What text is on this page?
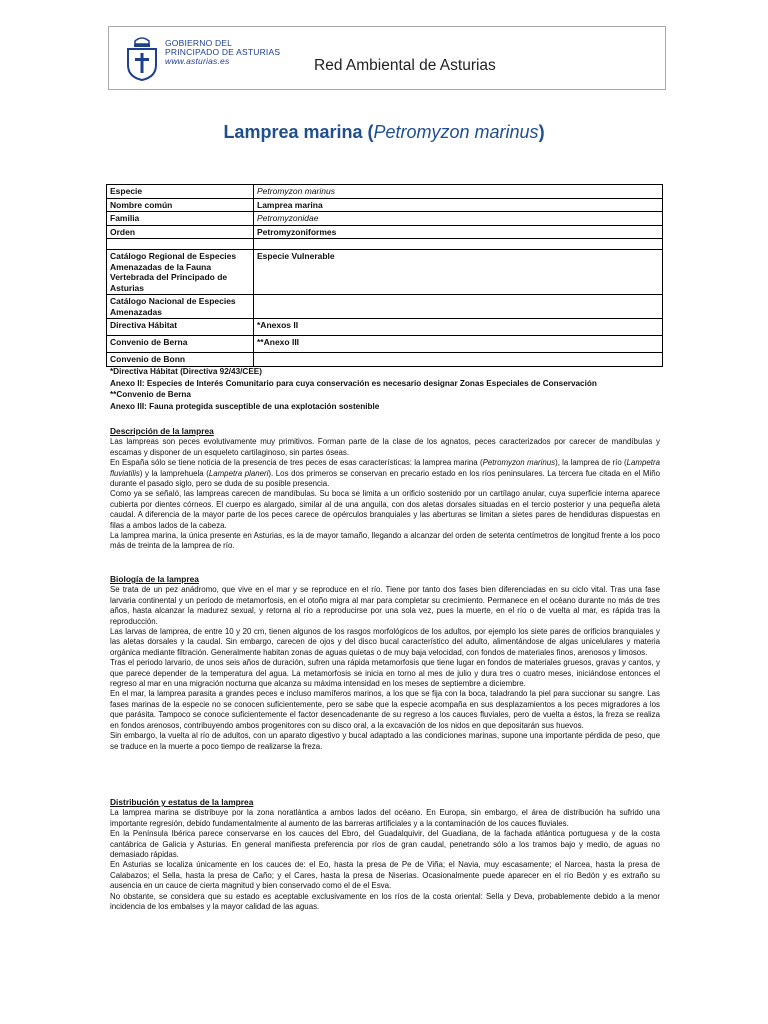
GOBIERNO DEL
PRINCIPADO DE ASTURIAS
www.asturias.es	Red Ambiental de Asturias
Lamprea marina (Petromyzon marinus)
Especie	Petromyzon marinus
Nombre común	Lamprea marina
Familia	Petromyzonidae
Orden	Petromyzoniformes

Catálogo Regional de Especies Amenazadas de la Fauna Vertebrada del Principado de Asturias	Especie Vulnerable
Catálogo Nacional de Especies Amenazadas	
Directiva Hábitat	*Anexos II
Convenio de Berna	**Anexo III
Convenio de Bonn	
*Directiva Hábitat (Directiva 92/43/CEE)
Anexo II: Especies de Interés Comunitario para cuya conservación es necesario designar Zonas Especiales de Conservación
**Convenio de Berna
Anexo III: Fauna protegida susceptible de una explotación sostenible
Descripción de la lamprea

Las lampreas son peces evolutivamente muy primitivos. Forman parte de la clase de los agnatos, peces caracterizados por carecer de mandíbulas y escamas y disponer de un esqueleto cartilaginoso, sin partes óseas.

En España sólo se tiene noticia de la presencia de tres peces de esas características: la lamprea marina (Petromyzon marinus), la lamprea de río (Lampetra fluviatilis) y la lamprehuela (Lampetra planeri). Los dos primeros se conservan en precario estado en los ríos peninsulares. La tercera fue citada en el Miño durante el pasado siglo, pero se duda de su posible presencia.

Como ya se señaló, las lampreas carecen de mandíbulas. Su boca se limita a un orificio sostenido por un cartílago anular, cuya superficie interna aparece cubierta por dientes córneos. El cuerpo es alargado, similar al de una anguila, con dos aletas dorsales situadas en el tercio posterior y una pequeña aleta caudal. A diferencia de la mayor parte de los peces carece de opérculos branquiales y las aberturas se limitan a sietes pares de hendiduras dispuestas en filas a ambos lados de la cabeza.

La lamprea marina, la única presente en Asturias, es la de mayor tamaño, llegando a alcanzar del orden de setenta centímetros de longitud frente a los poco más de treinta de la lamprea de río.

Biología de la lamprea

Se trata de un pez anádromo, que vive en el mar y se reproduce en el río. Tiene por tanto dos fases bien diferenciadas en su ciclo vital. Tras una fase larvaria continental y un periodo de metamorfosis, en el otoño migra al mar para completar su crecimiento. Permanece en el océano durante no más de tres años, hasta alcanzar la madurez sexual, y retorna al río a reproducirse por una sola vez, pues la muerte, en el río o de vuelta al mar, es rápida tras la reproducción.

Las larvas de lamprea, de entre 10 y 20 cm, tienen algunos de los rasgos morfológicos de los adultos, por ejemplo los siete pares de orificios branquiales y las aletas dorsales y la caudal. Sin embargo, carecen de ojos y del disco bucal característico del adulto, alimentándose de algas unicelulares y materia orgánica mediante filtración. Generalmente habitan zonas de aguas quietas o de muy baja velocidad, con fondos de materiales finos, arenosos y limosos.

Tras el periodo larvario, de unos seis años de duración, sufren una rápida metamorfosis que tiene lugar en fondos de materiales gruesos, gravas y cantos, y que parece depender de la temperatura del agua. La metamorfosis se inicia en torno al mes de julio y dura tres o cuatro meses, iniciándose entonces el regreso al mar en una migración nocturna que alcanza su máxima intensidad en los meses de septiembre a diciembre.

En el mar, la lamprea parasita a grandes peces e incluso mamíferos marinos, a los que se fija con la boca, taladrando la piel para succionar su sangre. Las fases marinas de la especie no se conocen suficientemente, pero se sabe que la especie acompaña en sus desplazamientos a los peces migradores a los que parásita. Tampoco se conoce suficientemente el factor desencadenante de su regreso a los cauces fluviales, pero de vuelta a éstos, la freza se realiza en fondos arenosos, contribuyendo ambos progenitores con su disco oral, a la excavación de los nidos en que depositarán sus huevos.

Sin embargo, la vuelta al río de adultos, con un aparato digestivo y bucal adaptado a las condiciones marinas, supone una importante pérdida de peso, que se traduce en la muerte a poco tiempo de realizarse la freza.

Distribución y estatus de la lamprea

La lamprea marina se distribuye por la zona noratlántica a ambos lados del océano. En Europa, sin embargo, el área de distribución ha sufrido una importante regresión, debido fundamentalmente al aumento de las barreras artificiales y a la contaminación de los cauces fluviales.

En la Península Ibérica parece conservarse en los cauces del Ebro, del Guadalquivir, del Guadiana, de la fachada atlántica portuguesa y de la costa cantábrica de Galicia y Asturias. En general manifiesta preferencia por ríos de gran caudal, penetrando sólo a los tramos bajo y medio, de aguas no demasiado rápidas.

En Asturias se localiza únicamente en los cauces de: el Eo, hasta la presa de Pe de Viña; el Navia, muy escasamente; el Narcea, hasta la presa de Calabazos; el Sella, hasta la presa de Caño; y el Cares, hasta la presa de Niserias. Ocasionalmente puede aparecer en el río Bedón y es extraño su ausencia en un cauce de cierta magnitud y bien conservado como el de el Esva.

No obstante, se considera que su estado es aceptable exclusivamente en los ríos de la costa oriental: Sella y Deva, probablemente debido a la menor incidencia de los embalses y la mayor calidad de las aguas.
